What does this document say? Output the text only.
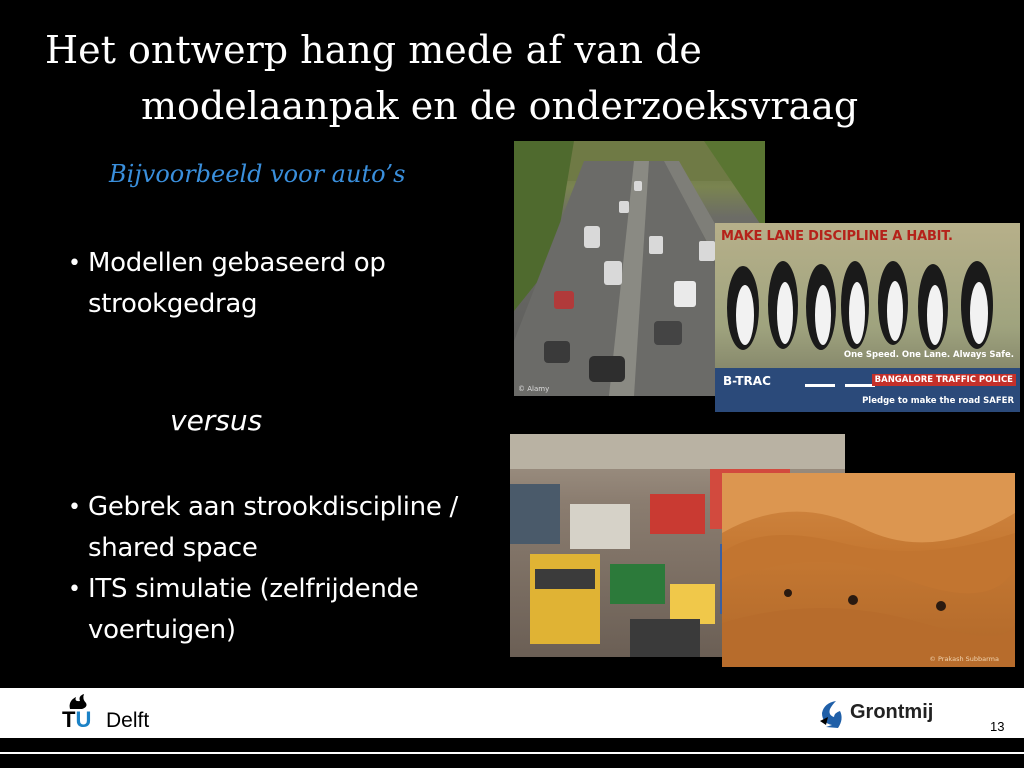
Het ontwerp hang mede af van de
modelaanpak en de onderzoeksvraag
Bijvoorbeeld voor auto’s
• Modellen gebaseerd op strookgedrag
versus
• Gebrek aan strookdiscipline / shared space
• ITS simulatie (zelfrijdende voertuigen)
© Alamy
MAKE LANE DISCIPLINE A HABIT.
One Speed. One Lane. Always Safe.
B-TRAC	BANGALORE TRAFFIC POLICE
Pledge to make the road SAFER
© Prakash Subbarma
TU Delft	Grontmij
13
